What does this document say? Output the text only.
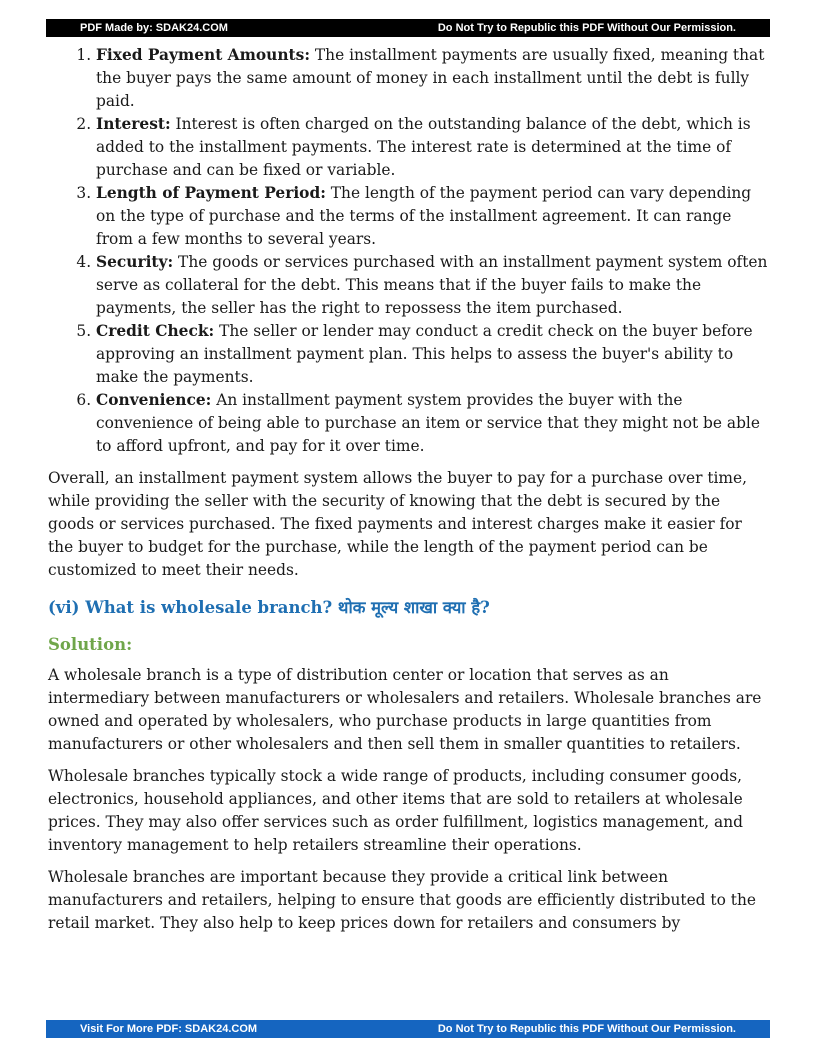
PDF Made by: SDAK24.COM	Do Not Try to Republic this PDF Without Our Permission.
1. Fixed Payment Amounts: The installment payments are usually fixed, meaning that the buyer pays the same amount of money in each installment until the debt is fully paid.
2. Interest: Interest is often charged on the outstanding balance of the debt, which is added to the installment payments. The interest rate is determined at the time of purchase and can be fixed or variable.
3. Length of Payment Period: The length of the payment period can vary depending on the type of purchase and the terms of the installment agreement. It can range from a few months to several years.
4. Security: The goods or services purchased with an installment payment system often serve as collateral for the debt. This means that if the buyer fails to make the payments, the seller has the right to repossess the item purchased.
5. Credit Check: The seller or lender may conduct a credit check on the buyer before approving an installment payment plan. This helps to assess the buyer's ability to make the payments.
6. Convenience: An installment payment system provides the buyer with the convenience of being able to purchase an item or service that they might not be able to afford upfront, and pay for it over time.

Overall, an installment payment system allows the buyer to pay for a purchase over time, while providing the seller with the security of knowing that the debt is secured by the goods or services purchased. The fixed payments and interest charges make it easier for the buyer to budget for the purchase, while the length of the payment period can be customized to meet their needs.

(vi) What is wholesale branch? थोक मूल्य शाखा क्या है?

Solution:

A wholesale branch is a type of distribution center or location that serves as an intermediary between manufacturers or wholesalers and retailers. Wholesale branches are owned and operated by wholesalers, who purchase products in large quantities from manufacturers or other wholesalers and then sell them in smaller quantities to retailers.

Wholesale branches typically stock a wide range of products, including consumer goods, electronics, household appliances, and other items that are sold to retailers at wholesale prices. They may also offer services such as order fulfillment, logistics management, and inventory management to help retailers streamline their operations.

Wholesale branches are important because they provide a critical link between manufacturers and retailers, helping to ensure that goods are efficiently distributed to the retail market. They also help to keep prices down for retailers and consumers by

Visit For More PDF: SDAK24.COM	Do Not Try to Republic this PDF Without Our Permission.
